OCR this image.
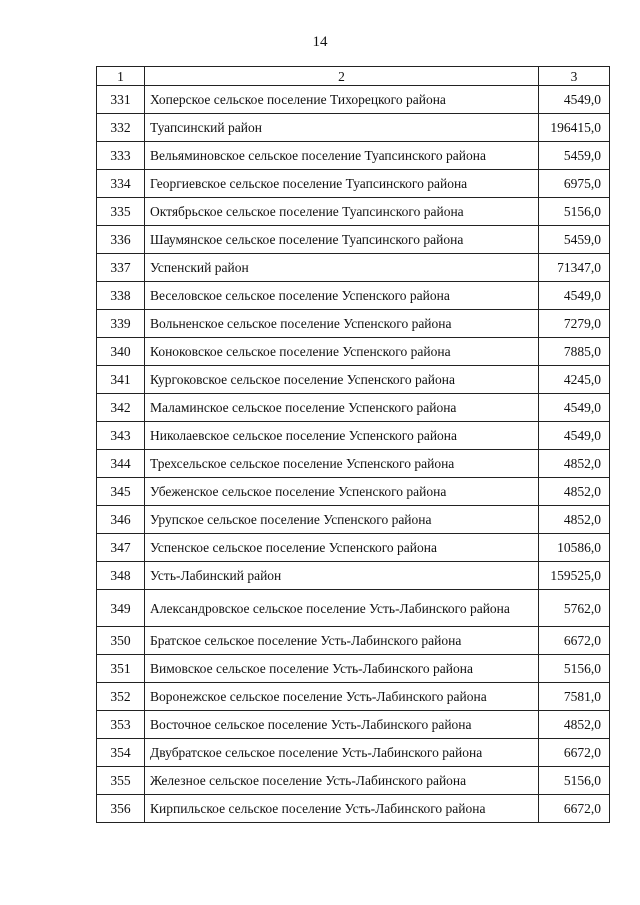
14
1	2	3
331	Хоперское сельское поселение Тихорецкого района	4549,0
332	Туапсинский район	196415,0
333	Вельяминовское сельское поселение Туапсинского района	5459,0
334	Георгиевское сельское поселение Туапсинского района	6975,0
335	Октябрьское сельское поселение Туапсинского района	5156,0
336	Шаумянское сельское поселение Туапсинского района	5459,0
337	Успенский район	71347,0
338	Веселовское сельское поселение Успенского района	4549,0
339	Вольненское сельское поселение Успенского района	7279,0
340	Коноковское сельское поселение Успенского района	7885,0
341	Кургоковское сельское поселение Успенского района	4245,0
342	Маламинское сельское поселение Успенского района	4549,0
343	Николаевское сельское поселение Успенского района	4549,0
344	Трехсельское сельское поселение Успенского района	4852,0
345	Убеженское сельское поселение Успенского района	4852,0
346	Урупское сельское поселение Успенского района	4852,0
347	Успенское сельское поселение Успенского района	10586,0
348	Усть-Лабинский район	159525,0
349	Александровское сельское поселение Усть-Лабинского района	5762,0
350	Братское сельское поселение Усть-Лабинского района	6672,0
351	Вимовское сельское поселение Усть-Лабинского района	5156,0
352	Воронежское сельское поселение Усть-Лабинского района	7581,0
353	Восточное сельское поселение Усть-Лабинского района	4852,0
354	Двубратское сельское поселение Усть-Лабинского района	6672,0
355	Железное сельское поселение Усть-Лабинского района	5156,0
356	Кирпильское сельское поселение Усть-Лабинского района	6672,0
